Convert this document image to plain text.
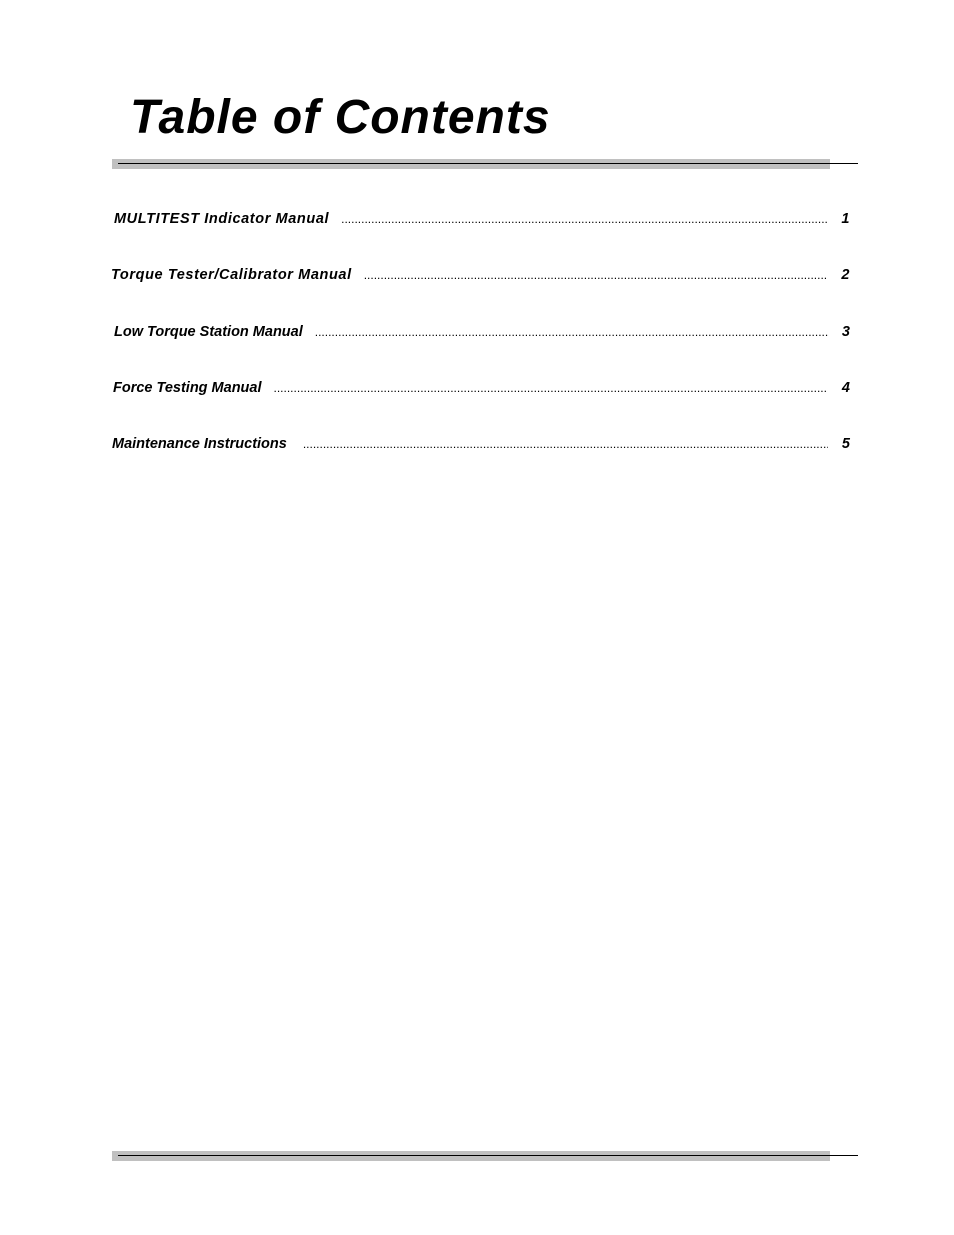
Table of Contents
MULTITEST Indicator Manual .....	1
Torque Tester/Calibrator Manual .....	2
Low Torque Station Manual .....	3
Force Testing Manual .....	4
Maintenance Instructions .....	5
